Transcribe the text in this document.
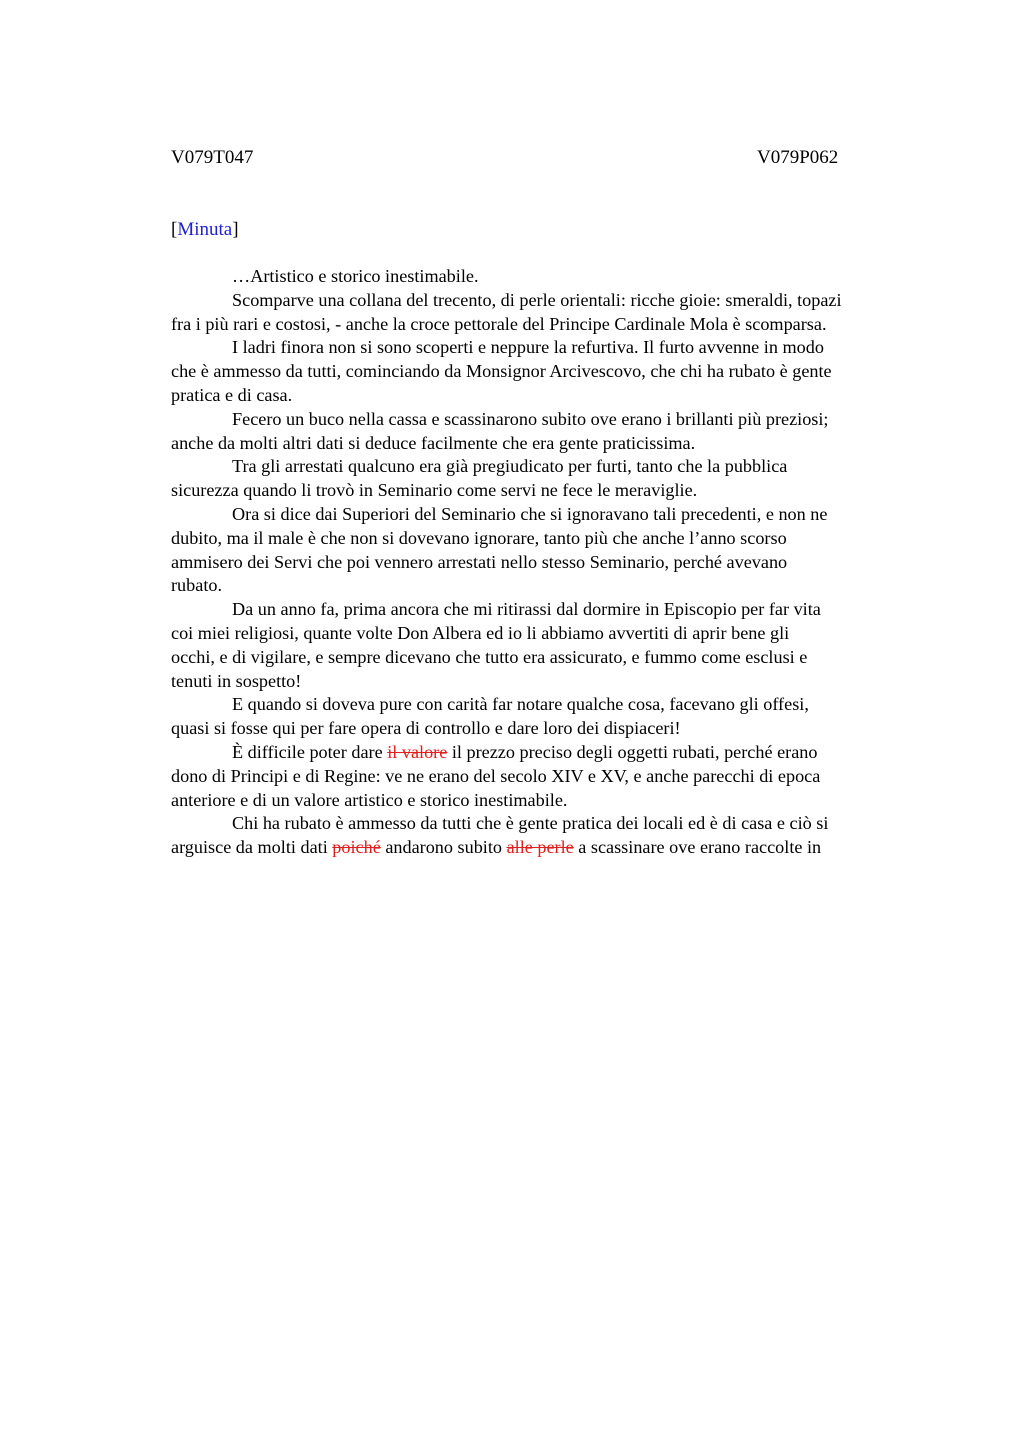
V079T047	V079P062
[Minuta]
…Artistico e storico inestimabile.
Scomparve una collana del trecento, di perle orientali: ricche gioie: smeraldi, topazi
fra i più rari e costosi, - anche la croce pettorale del Principe Cardinale Mola è scomparsa.
I ladri finora non si sono scoperti e neppure la refurtiva. Il furto avvenne in modo
che è ammesso da tutti, cominciando da Monsignor Arcivescovo, che chi ha rubato è gente
pratica e di casa.
Fecero un buco nella cassa e scassinarono subito ove erano i brillanti più preziosi;
anche da molti altri dati si deduce facilmente che era gente praticissima.
Tra gli arrestati qualcuno era già pregiudicato per furti, tanto che la pubblica
sicurezza quando li trovò in Seminario come servi ne fece le meraviglie.
Ora si dice dai Superiori del Seminario che si ignoravano tali precedenti, e non ne
dubito, ma il male è che non si dovevano ignorare, tanto più che anche l’anno scorso
ammisero dei Servi che poi vennero arrestati nello stesso Seminario, perché avevano
rubato.
Da un anno fa, prima ancora che mi ritirassi dal dormire in Episcopio per far vita
coi miei religiosi, quante volte Don Albera ed io li abbiamo avvertiti di aprir bene gli
occhi, e di vigilare, e sempre dicevano che tutto era assicurato, e fummo come esclusi e
tenuti in sospetto!
E quando si doveva pure con carità far notare qualche cosa, facevano gli offesi,
quasi si fosse qui per fare opera di controllo e dare loro dei dispiaceri!
È difficile poter dare il valore il prezzo preciso degli oggetti rubati, perché erano
dono di Principi e di Regine: ve ne erano del secolo XIV e XV, e anche parecchi di epoca
anteriore e di un valore artistico e storico inestimabile.
Chi ha rubato è ammesso da tutti che è gente pratica dei locali ed è di casa e ciò si
arguisce da molti dati poiché andarono subito alle perle a scassinare ove erano raccolte in
